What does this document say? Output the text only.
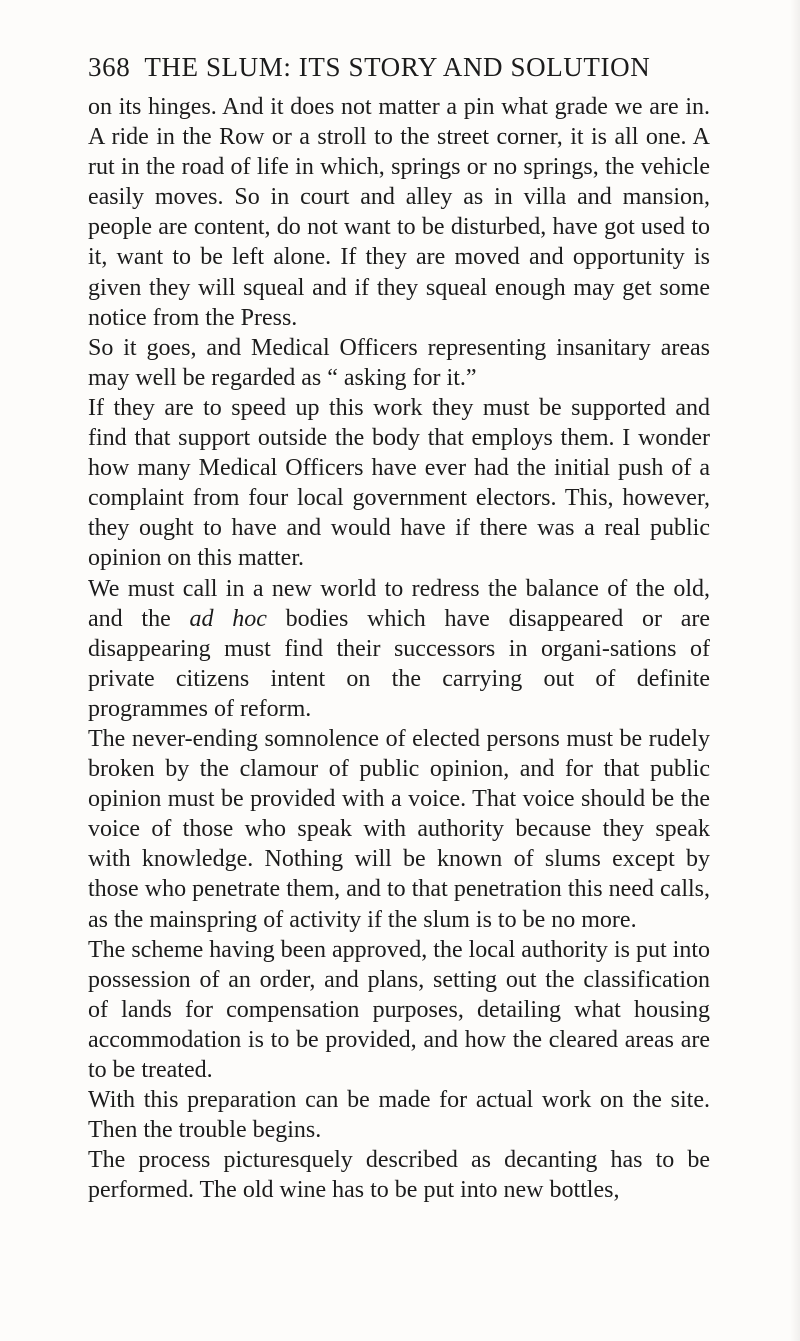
368 THE SLUM: ITS STORY AND SOLUTION

on its hinges. And it does not matter a pin what grade we are in. A ride in the Row or a stroll to the street corner, it is all one. A rut in the road of life in which, springs or no springs, the vehicle easily moves. So in court and alley as in villa and mansion, people are content, do not want to be disturbed, have got used to it, want to be left alone. If they are moved and opportunity is given they will squeal and if they squeal enough may get some notice from the Press.

So it goes, and Medical Officers representing insanitary areas may well be regarded as “ asking for it.”

If they are to speed up this work they must be supported and find that support outside the body that employs them. I wonder how many Medical Officers have ever had the initial push of a complaint from four local government electors. This, however, they ought to have and would have if there was a real public opinion on this matter.

We must call in a new world to redress the balance of the old, and the ad hoc bodies which have disappeared or are disappearing must find their successors in organi-sations of private citizens intent on the carrying out of definite programmes of reform.

The never-ending somnolence of elected persons must be rudely broken by the clamour of public opinion, and for that public opinion must be provided with a voice. That voice should be the voice of those who speak with authority because they speak with knowledge. Nothing will be known of slums except by those who penetrate them, and to that penetration this need calls, as the mainspring of activity if the slum is to be no more.

The scheme having been approved, the local authority is put into possession of an order, and plans, setting out the classification of lands for compensation purposes, detailing what housing accommodation is to be provided, and how the cleared areas are to be treated.

With this preparation can be made for actual work on the site. Then the trouble begins.

The process picturesquely described as decanting has to be performed. The old wine has to be put into new bottles,
